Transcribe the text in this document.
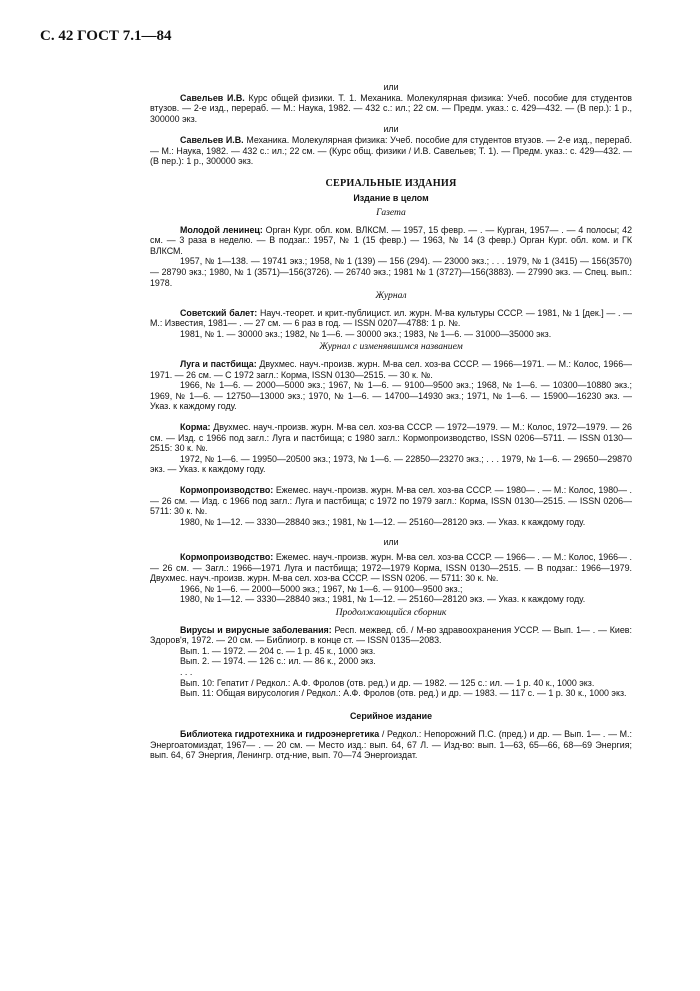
С. 42 ГОСТ 7.1—84

или

Савельев И.В. Курс общей физики. Т. 1. Механика. Молекулярная физика: Учеб. пособие для студентов втузов. — 2-е изд., перераб. — М.: Наука, 1982. — 432 с.: ил.; 22 см. — Предм. указ.: с. 429—432. — (В пер.): 1 р., 300000 экз.

или

Савельев И.В. Механика. Молекулярная физика: Учеб. пособие для студентов втузов. — 2-е изд., перераб. — М.: Наука, 1982. — 432 с.: ил.; 22 см. — (Курс общ. физики / И.В. Савельев; Т. 1). — Предм. указ.: с. 429—432. — (В пер.): 1 р., 300000 экз.

СЕРИАЛЬНЫЕ ИЗДАНИЯ
Издание в целом
Газета

Молодой ленинец: Орган Кург. обл. ком. ВЛКСМ. — 1957, 15 февр. — . — Курган, 1957— . — 4 полосы; 42 см. — 3 раза в неделю. — В подзаг.: 1957, № 1 (15 февр.) — 1963, № 14 (3 февр.) Орган Кург. обл. ком. и ГК ВЛКСМ.

1957, № 1—138. — 19741 экз.; 1958, № 1 (139) — 156 (294). — 23000 экз.; . . . 1979, № 1 (3415) — 156(3570) — 28790 экз.; 1980, № 1 (3571)—156(3726). — 26740 экз.; 1981 № 1 (3727)—156(3883). — 27990 экз. — Спец. вып.: 1978.

Журнал

Советский балет: Науч.-теорет. и крит.-публицист. ил. журн. М-ва культуры СССР. — 1981, № 1 [дек.] — . — М.: Известия, 1981— . — 27 см. — 6 раз в год. — ISSN 0207—4788: 1 р. №.

1981, № 1. — 30000 экз.; 1982, № 1—6. — 30000 экз.; 1983, № 1—6. — 31000—35000 экз.

Журнал с изменявшимся названием

Луга и пастбища: Двухмес. науч.-произв. журн. М-ва сел. хоз-ва СССР. — 1966—1971. — М.: Колос, 1966—1971. — 26 см. — С 1972 загл.: Корма, ISSN 0130—2515. — 30 к. №.

1966, № 1—6. — 2000—5000 экз.; 1967, № 1—6. — 9100—9500 экз.; 1968, № 1—6. — 10300—10880 экз.; 1969, № 1—6. — 12750—13000 экз.; 1970, № 1—6. — 14700—14930 экз.; 1971, № 1—6. — 15900—16230 экз. — Указ. к каждому году.

Корма: Двухмес. науч.-произв. журн. М-ва сел. хоз-ва СССР. — 1972—1979. — М.: Колос, 1972—1979. — 26 см. — Изд. с 1966 под загл.: Луга и пастбища; с 1980 загл.: Кормопроизводство, ISSN 0206—5711. — ISSN 0130—2515: 30 к. №.

1972, № 1—6. — 19950—20500 экз.; 1973, № 1—6. — 22850—23270 экз.; . . . 1979, № 1—6. — 29650—29870 экз. — Указ. к каждому году.

Кормопроизводство: Ежемес. науч.-произв. журн. М-ва сел. хоз-ва СССР. — 1980— . — М.: Колос, 1980— . — 26 см. — Изд. с 1966 под загл.: Луга и пастбища; с 1972 по 1979 загл.: Корма, ISSN 0130—2515. — ISSN 0206—5711: 30 к. №.

1980, № 1—12. — 3330—28840 экз.; 1981, № 1—12. — 25160—28120 экз. — Указ. к каждому году.

или

Кормопроизводство: Ежемес. науч.-произв. журн. М-ва сел. хоз-ва СССР. — 1966— . — М.: Колос, 1966— . — 26 см. — Загл.: 1966—1971 Луга и пастбища; 1972—1979 Корма, ISSN 0130—2515. — В подзаг.: 1966—1979. Двухмес. науч.-произв. журн. М-ва сел. хоз-ва СССР. — ISSN 0206. — 5711: 30 к. №.

1966, № 1—6. — 2000—5000 экз.; 1967, № 1—6. — 9100—9500 экз.;

1980, № 1—12. — 3330—28840 экз.; 1981, № 1—12. — 25160—28120 экз. — Указ. к каждому году.

Продолжающийся сборник

Вирусы и вирусные заболевания: Респ. межвед. сб. / М-во здравоохранения УССР. — Вып. 1— . — Киев: Здоров'я, 1972. — 20 см. — Библиогр. в конце ст. — ISSN 0135—2083.

Вып. 1. — 1972. — 204 с. — 1 р. 45 к., 1000 экз.

Вып. 2. — 1974. — 126 с.: ил. — 86 к., 2000 экз.

. . .

Вып. 10: Гепатит / Редкол.: А.Ф. Фролов (отв. ред.) и др. — 1982. — 125 с.: ил. — 1 р. 40 к., 1000 экз.

Вып. 11: Общая вирусология / Редкол.: А.Ф. Фролов (отв. ред.) и др. — 1983. — 117 с. — 1 р. 30 к., 1000 экз.

Серийное издание

Библиотека гидротехника и гидроэнергетика / Редкол.: Непорожний П.С. (пред.) и др. — Вып. 1— . — М.: Энергоатомиздат, 1967— . — 20 см. — Место изд.: вып. 64, 67 Л. — Изд-во: вып. 1—63, 65—66, 68—69 Энергия; вып. 64, 67 Энергия, Ленингр. отд-ние, вып. 70—74 Энергоиздат.
